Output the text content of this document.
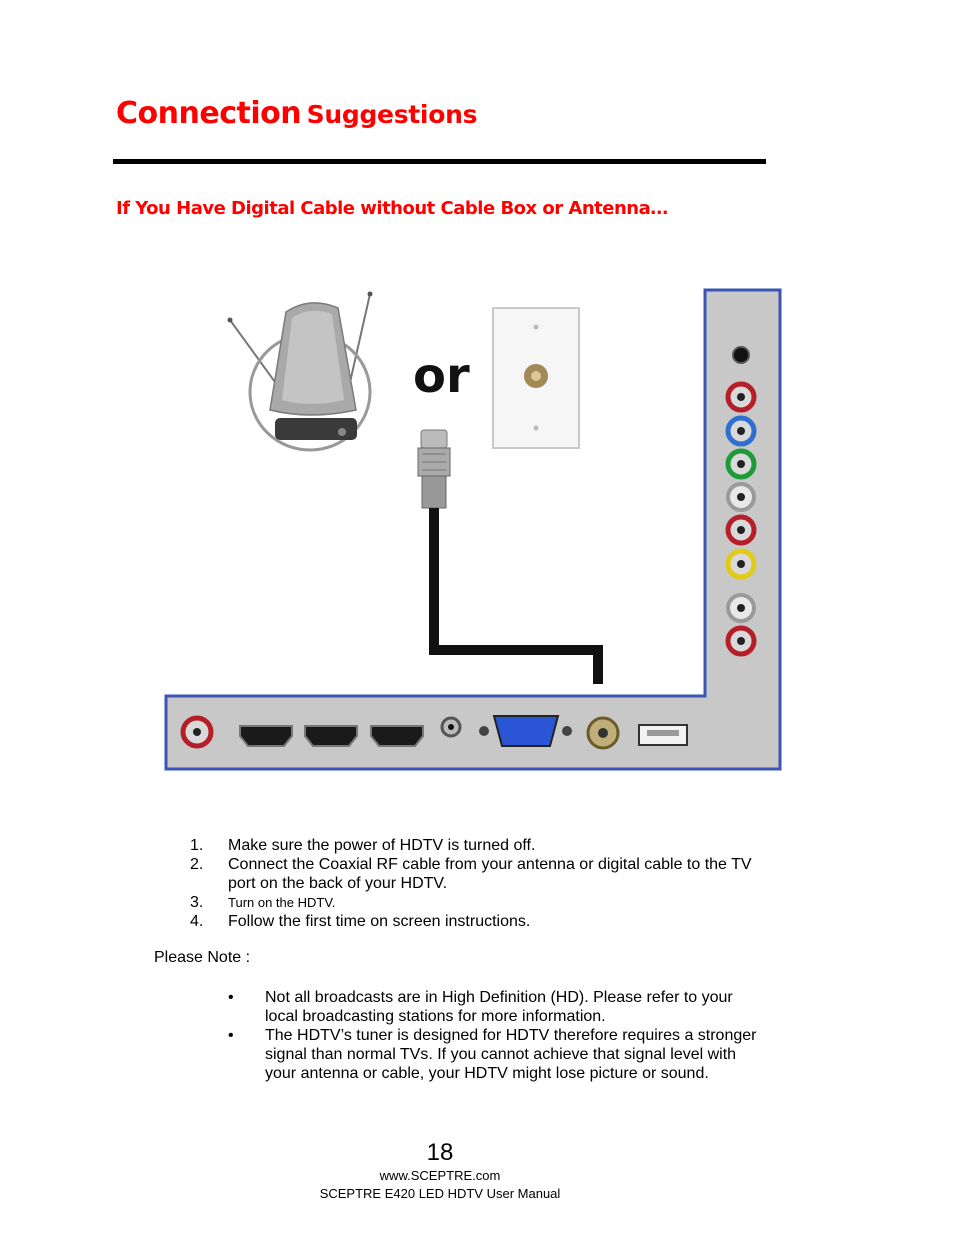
Connection Suggestions
If You Have Digital Cable without Cable Box or Antenna…
or
1. Make sure the power of HDTV is turned off.
2. Connect the Coaxial RF cable from your antenna or digital cable to the TV port on the back of your HDTV.
3. Turn on the HDTV.
4. Follow the first time on screen instructions.
Please Note :
• Not all broadcasts are in High Definition (HD). Please refer to your local broadcasting stations for more information.
• The HDTV’s tuner is designed for HDTV therefore requires a stronger signal than normal TVs. If you cannot achieve that signal level with your antenna or cable, your HDTV might lose picture or sound.
18
www.SCEPTRE.com
SCEPTRE E420 LED HDTV User Manual
